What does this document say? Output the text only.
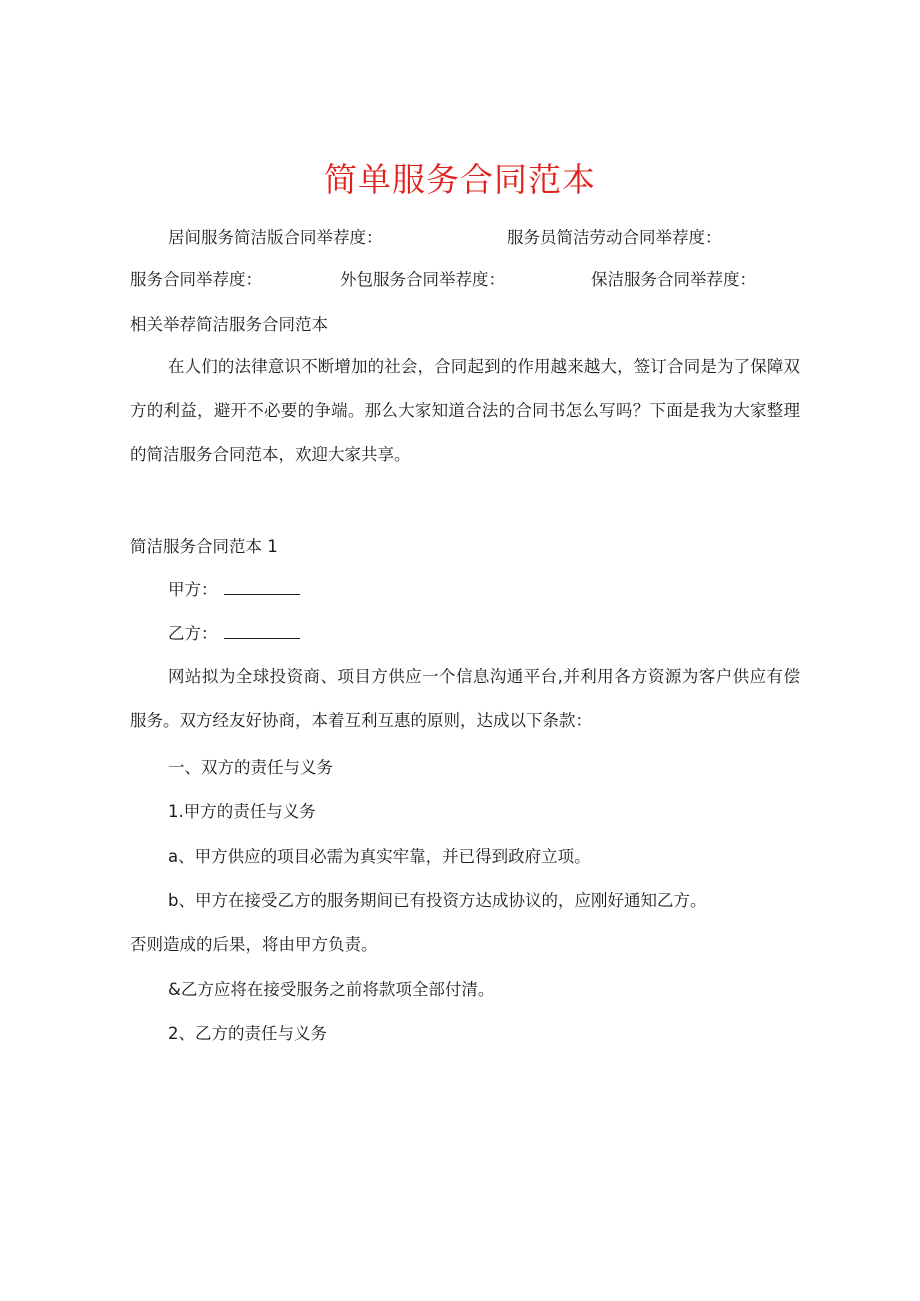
简单服务合同范本
居间服务简洁版合同举荐度：	服务员简洁劳动合同举荐度：
服务合同举荐度：	外包服务合同举荐度：	保洁服务合同举荐度：
相关举荐简洁服务合同范本
在人们的法律意识不断增加的社会，合同起到的作用越来越大，签订合同是为了保障双方的利益，避开不必要的争端。那么大家知道合法的合同书怎么写吗？下面是我为大家整理的简洁服务合同范本，欢迎大家共享。
简洁服务合同范本 1
甲方：
乙方：
网站拟为全球投资商、项目方供应一个信息沟通平台,并利用各方资源为客户供应有偿服务。双方经友好协商，本着互利互惠的原则，达成以下条款：
一、双方的责任与义务
1.甲方的责任与义务
a、甲方供应的项目必需为真实牢靠，并已得到政府立项。
b、甲方在接受乙方的服务期间已有投资方达成协议的，应刚好通知乙方。
否则造成的后果，将由甲方负责。
&乙方应将在接受服务之前将款项全部付清。
2、乙方的责任与义务
